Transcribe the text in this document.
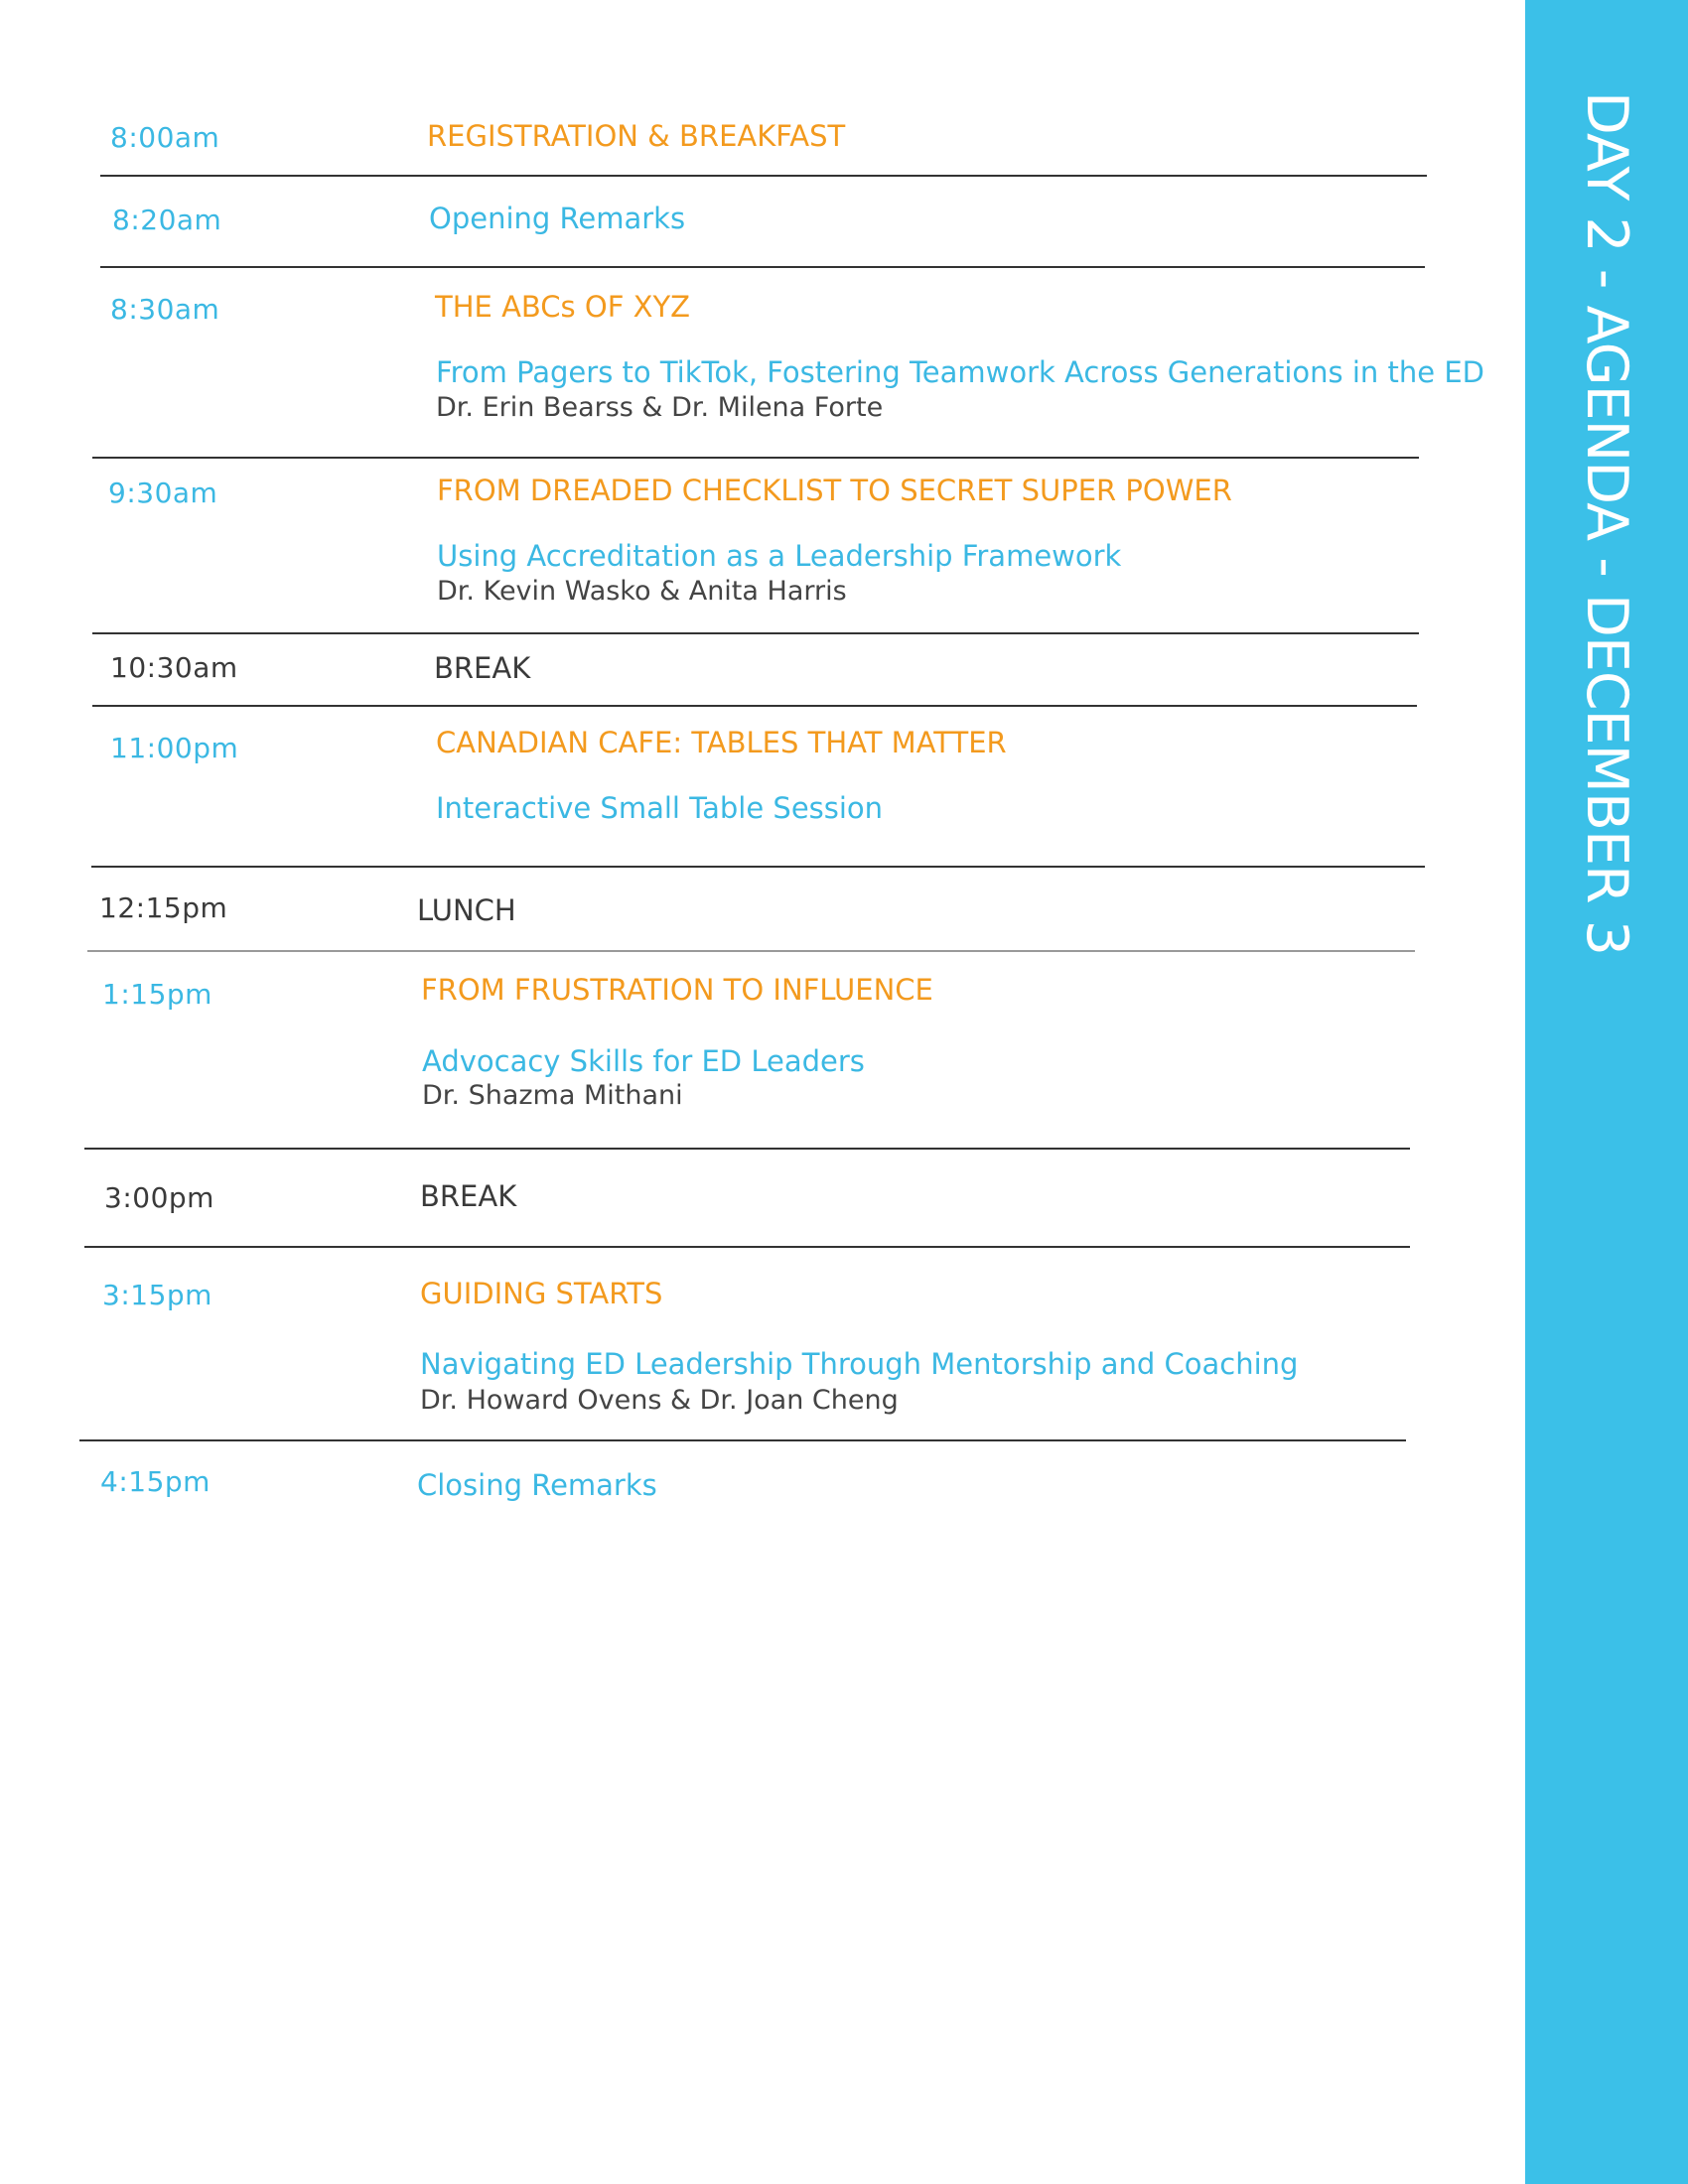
8:00am	REGISTRATION & BREAKFAST
8:20am	Opening Remarks
8:30am	THE ABCs OF XYZ
From Pagers to TikTok, Fostering Teamwork Across Generations in the ED
Dr. Erin Bearss & Dr. Milena Forte
9:30am	FROM DREADED CHECKLIST TO SECRET SUPER POWER
Using Accreditation as a Leadership Framework
Dr. Kevin Wasko & Anita Harris
10:30am	BREAK
11:00pm	CANADIAN CAFE: TABLES THAT MATTER
Interactive Small Table Session
12:15pm	LUNCH
1:15pm	FROM FRUSTRATION TO INFLUENCE
Advocacy Skills for ED Leaders
Dr. Shazma Mithani
3:00pm	BREAK
3:15pm	GUIDING STARTS
Navigating ED Leadership Through Mentorship and Coaching
Dr. Howard Ovens & Dr. Joan Cheng
4:15pm	Closing Remarks
DAY 2 - AGENDA - DECEMBER 3
